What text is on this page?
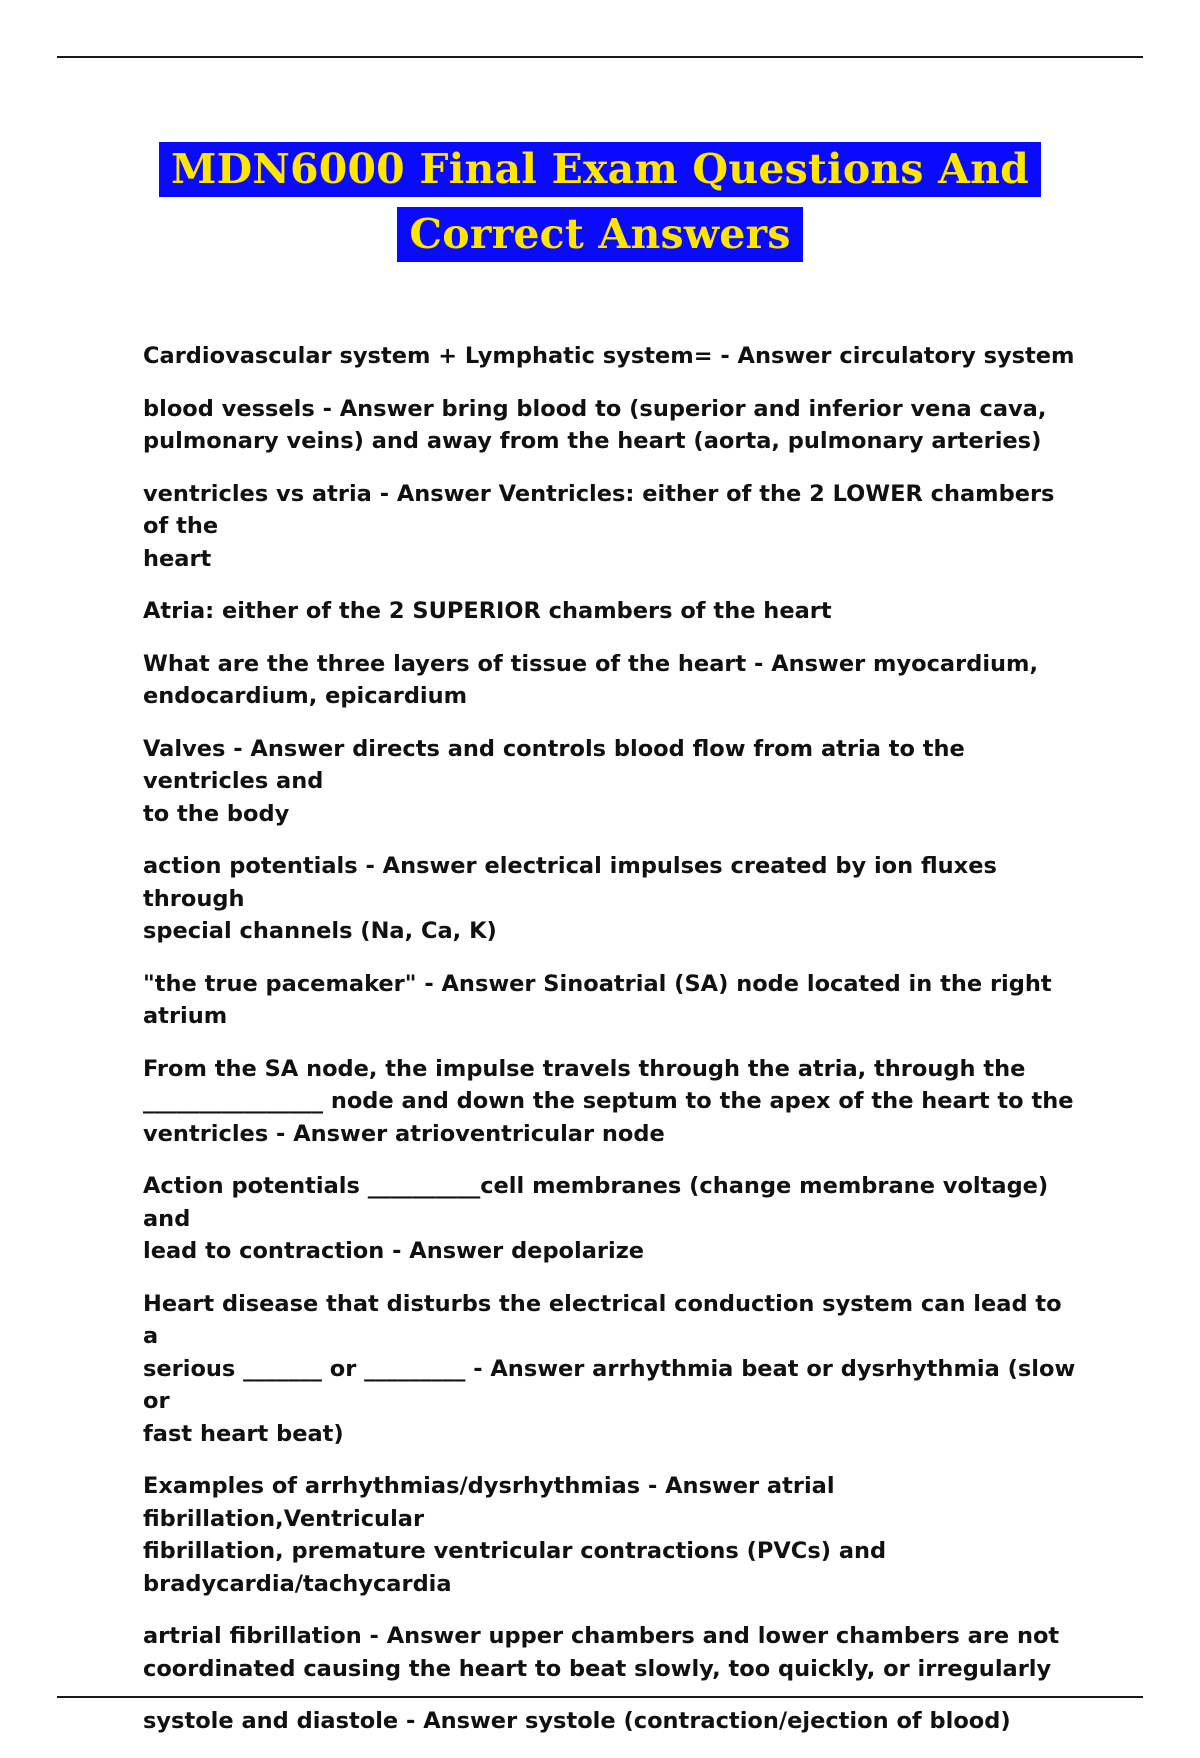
MDN6000 Final Exam Questions And
Correct Answers

Cardiovascular system + Lymphatic system= - Answer circulatory system

blood vessels - Answer bring blood to (superior and inferior vena cava,
pulmonary veins) and away from the heart (aorta, pulmonary arteries)

ventricles vs atria - Answer Ventricles: either of the 2 LOWER chambers of the
heart

Atria: either of the 2 SUPERIOR chambers of the heart

What are the three layers of tissue of the heart - Answer myocardium,
endocardium, epicardium

Valves - Answer directs and controls blood flow from atria to the ventricles and
to the body

action potentials - Answer electrical impulses created by ion fluxes through
special channels (Na, Ca, K)

"the true pacemaker" - Answer Sinoatrial (SA) node located in the right atrium

From the SA node, the impulse travels through the atria, through the
________________ node and down the septum to the apex of the heart to the
ventricles - Answer atrioventricular node

Action potentials __________cell membranes (change membrane voltage) and
lead to contraction - Answer depolarize

Heart disease that disturbs the electrical conduction system can lead to a
serious _______ or _________ - Answer arrhythmia beat or dysrhythmia (slow or
fast heart beat)

Examples of arrhythmias/dysrhythmias - Answer atrial fibrillation,Ventricular
fibrillation, premature ventricular contractions (PVCs) and
bradycardia/tachycardia

artrial fibrillation - Answer upper chambers and lower chambers are not
coordinated causing the heart to beat slowly, too quickly, or irregularly

systole and diastole - Answer systole (contraction/ejection of blood)
